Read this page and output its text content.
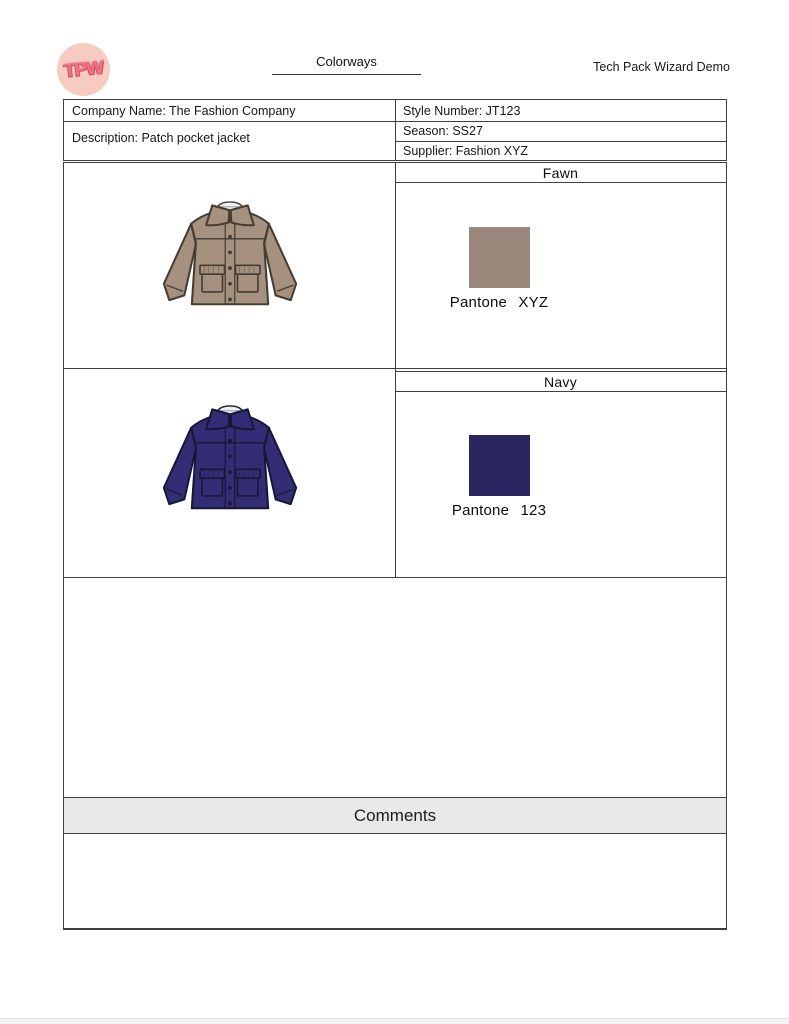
TPW	Colorways	Tech Pack Wizard Demo
Company Name: The Fashion Company
Description: Patch pocket jacket
Style Number: JT123
Season: SS27
Supplier: Fashion XYZ
Fawn
Pantone XYZ
Navy
Pantone 123
Comments
